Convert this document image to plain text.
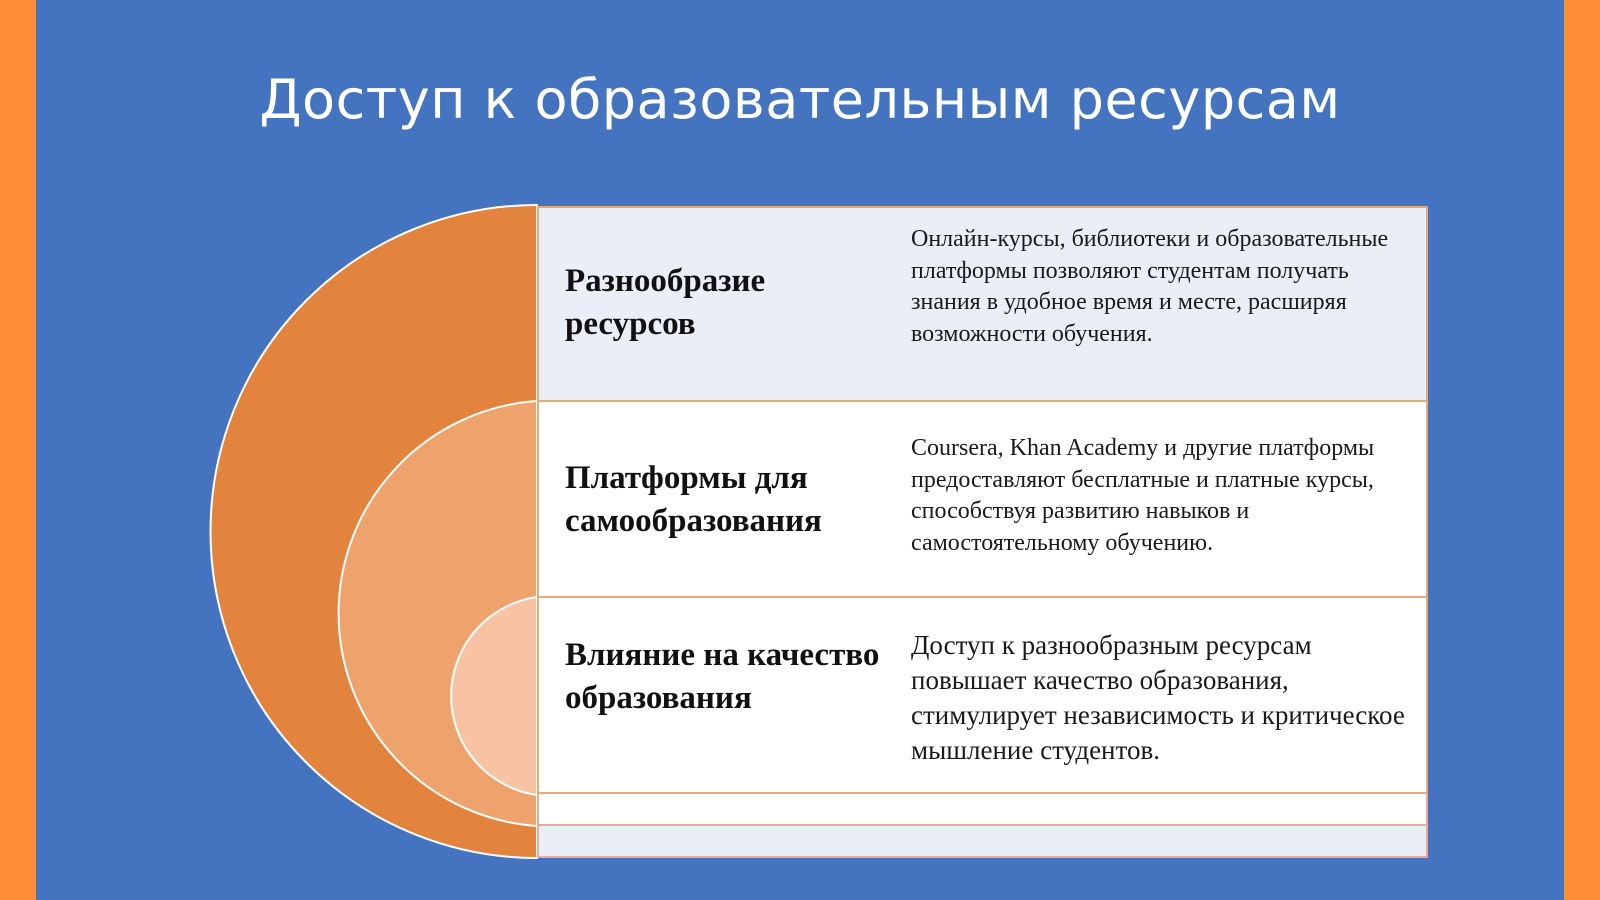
Доступ к образовательным ресурсам
Разнообразие ресурсов
Онлайн-курсы, библиотеки и образовательные платформы позволяют студентам получать знания в удобное время и месте, расширяя возможности обучения.
Платформы для самообразования
Coursera, Khan Academy и другие платформы предоставляют бесплатные и платные курсы, способствуя развитию навыков и самостоятельному обучению.
Влияние на качество образования
Доступ к разнообразным ресурсам повышает качество образования, стимулирует независимость и критическое мышление студентов.
